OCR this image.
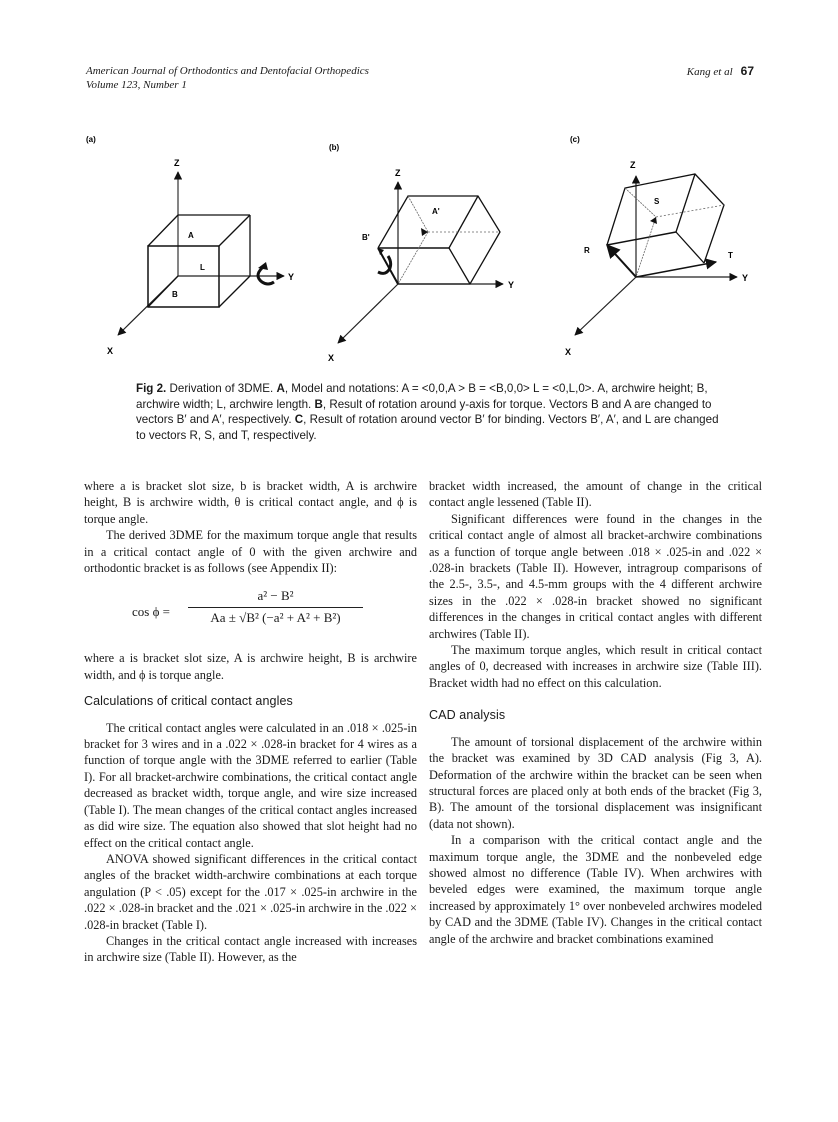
American Journal of Orthodontics and Dentofacial Orthopedics
Volume 123, Number 1
Kang et al 67
(a)
Z
Y
X
A
L
B
(b)
Z
Y
X
A'
B'
(c)
Z
Y
X
S
R
T
Fig 2. Derivation of 3DME. A, Model and notations: A = <0,0,A > B = <B,0,0> L = <0,L,0>. A, archwire height; B, archwire width; L, archwire length. B, Result of rotation around y-axis for torque. Vectors B and A are changed to vectors B′ and A′, respectively. C, Result of rotation around vector B′ for binding. Vectors B′, A′, and L are changed to vectors R, S, and T, respectively.

where a is bracket slot size, b is bracket width, A is archwire height, B is archwire width, θ is critical contact angle, and ϕ is torque angle.

The derived 3DME for the maximum torque angle that results in a critical contact angle of 0 with the given archwire and orthodontic bracket is as follows (see Appendix II):

cos ϕ =
a² − B²
Aa ± √B² (−a² + A² + B²)

where a is bracket slot size, A is archwire height, B is archwire width, and ϕ is torque angle.

Calculations of critical contact angles

The critical contact angles were calculated in an .018 × .025-in bracket for 3 wires and in a .022 × .028-in bracket for 4 wires as a function of torque angle with the 3DME referred to earlier (Table I). For all bracket-archwire combinations, the critical contact angle decreased as bracket width, torque angle, and wire size increased (Table I). The mean changes of the critical contact angles increased as did wire size. The equation also showed that slot height had no effect on the critical contact angle.

ANOVA showed significant differences in the critical contact angles of the bracket width-archwire combinations at each torque angulation (P < .05) except for the .017 × .025-in archwire in the .022 × .028-in bracket and the .021 × .025-in archwire in the .022 × .028-in bracket (Table I).

Changes in the critical contact angle increased with increases in archwire size (Table II). However, as the

bracket width increased, the amount of change in the critical contact angle lessened (Table II).

Significant differences were found in the changes in the critical contact angle of almost all bracket-archwire combinations as a function of torque angle between .018 × .025-in and .022 × .028-in brackets (Table II). However, intragroup comparisons of the 2.5-, 3.5-, and 4.5-mm groups with the 4 different archwire sizes in the .022 × .028-in bracket showed no significant differences in the changes in critical contact angles with different archwires (Table II).

The maximum torque angles, which result in critical contact angles of 0, decreased with increases in archwire size (Table III). Bracket width had no effect on this calculation.

CAD analysis

The amount of torsional displacement of the archwire within the bracket was examined by 3D CAD analysis (Fig 3, A). Deformation of the archwire within the bracket can be seen when structural forces are placed only at both ends of the bracket (Fig 3, B). The amount of the torsional displacement was insignificant (data not shown).

In a comparison with the critical contact angle and the maximum torque angle, the 3DME and the nonbeveled edge showed almost no difference (Table IV). When archwires with beveled edges were examined, the maximum torque angle increased by approximately 1° over nonbeveled archwires modeled by CAD and the 3DME (Table IV). Changes in the critical contact angle of the archwire and bracket combinations examined
